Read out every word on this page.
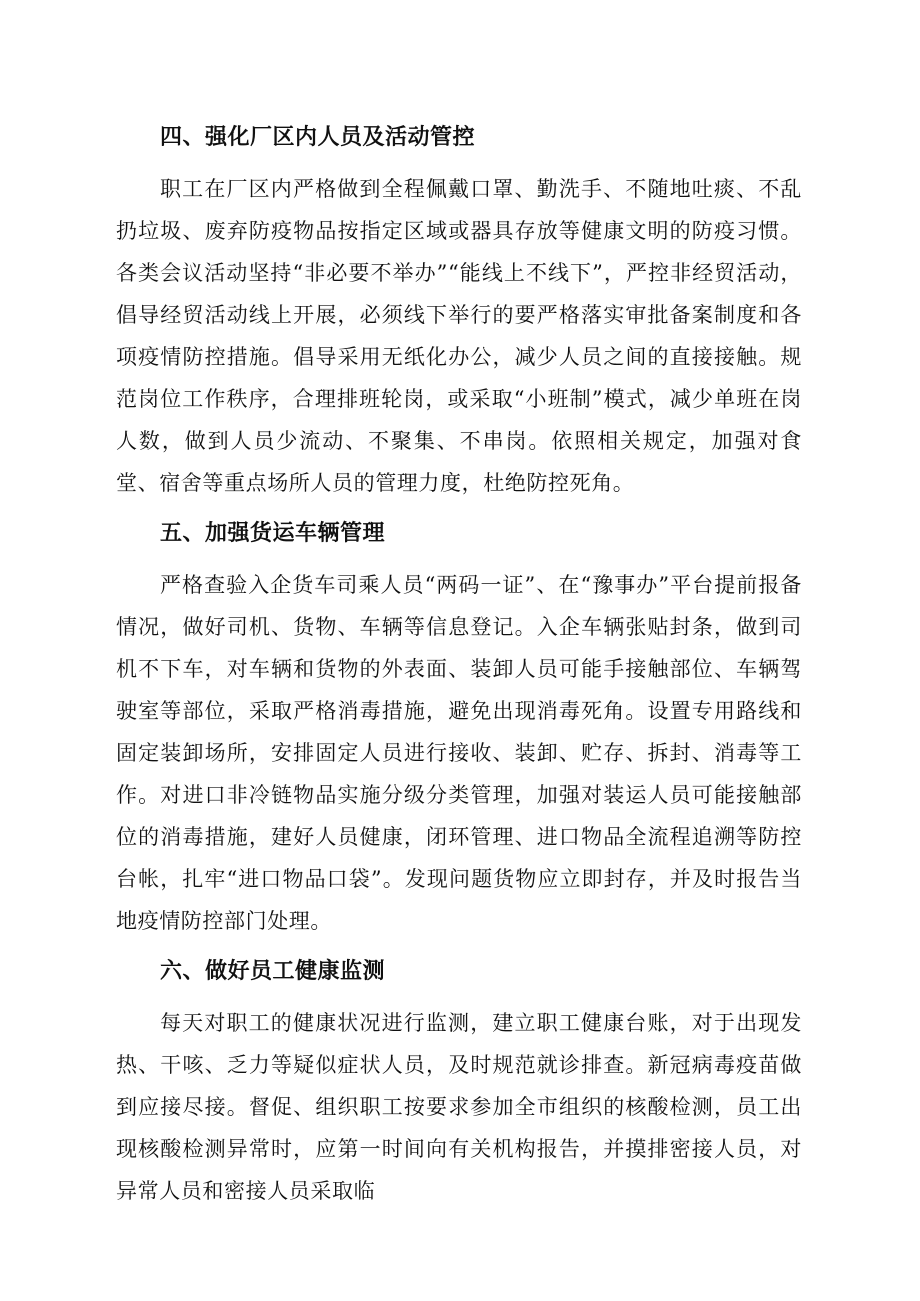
四、强化厂区内人员及活动管控

职工在厂区内严格做到全程佩戴口罩、勤洗手、不随地吐痰、不乱扔垃圾、废弃防疫物品按指定区域或器具存放等健康文明的防疫习惯。各类会议活动坚持“非必要不举办”“能线上不线下”，严控非经贸活动，倡导经贸活动线上开展，必须线下举行的要严格落实审批备案制度和各项疫情防控措施。倡导采用无纸化办公，减少人员之间的直接接触。规范岗位工作秩序，合理排班轮岗，或采取“小班制”模式，减少单班在岗人数，做到人员少流动、不聚集、不串岗。依照相关规定，加强对食堂、宿舍等重点场所人员的管理力度，杜绝防控死角。

五、加强货运车辆管理

严格查验入企货车司乘人员“两码一证”、在“豫事办”平台提前报备情况，做好司机、货物、车辆等信息登记。入企车辆张贴封条，做到司机不下车，对车辆和货物的外表面、装卸人员可能手接触部位、车辆驾驶室等部位，采取严格消毒措施，避免出现消毒死角。设置专用路线和固定装卸场所，安排固定人员进行接收、装卸、贮存、拆封、消毒等工作。对进口非冷链物品实施分级分类管理，加强对装运人员可能接触部位的消毒措施，建好人员健康，闭环管理、进口物品全流程追溯等防控台帐，扎牢“进口物品口袋”。发现问题货物应立即封存，并及时报告当地疫情防控部门处理。

六、做好员工健康监测

每天对职工的健康状况进行监测，建立职工健康台账，对于出现发热、干咳、乏力等疑似症状人员，及时规范就诊排查。新冠病毒疫苗做到应接尽接。督促、组织职工按要求参加全市组织的核酸检测，员工出现核酸检测异常时，应第一时间向有关机构报告，并摸排密接人员，对异常人员和密接人员采取临
